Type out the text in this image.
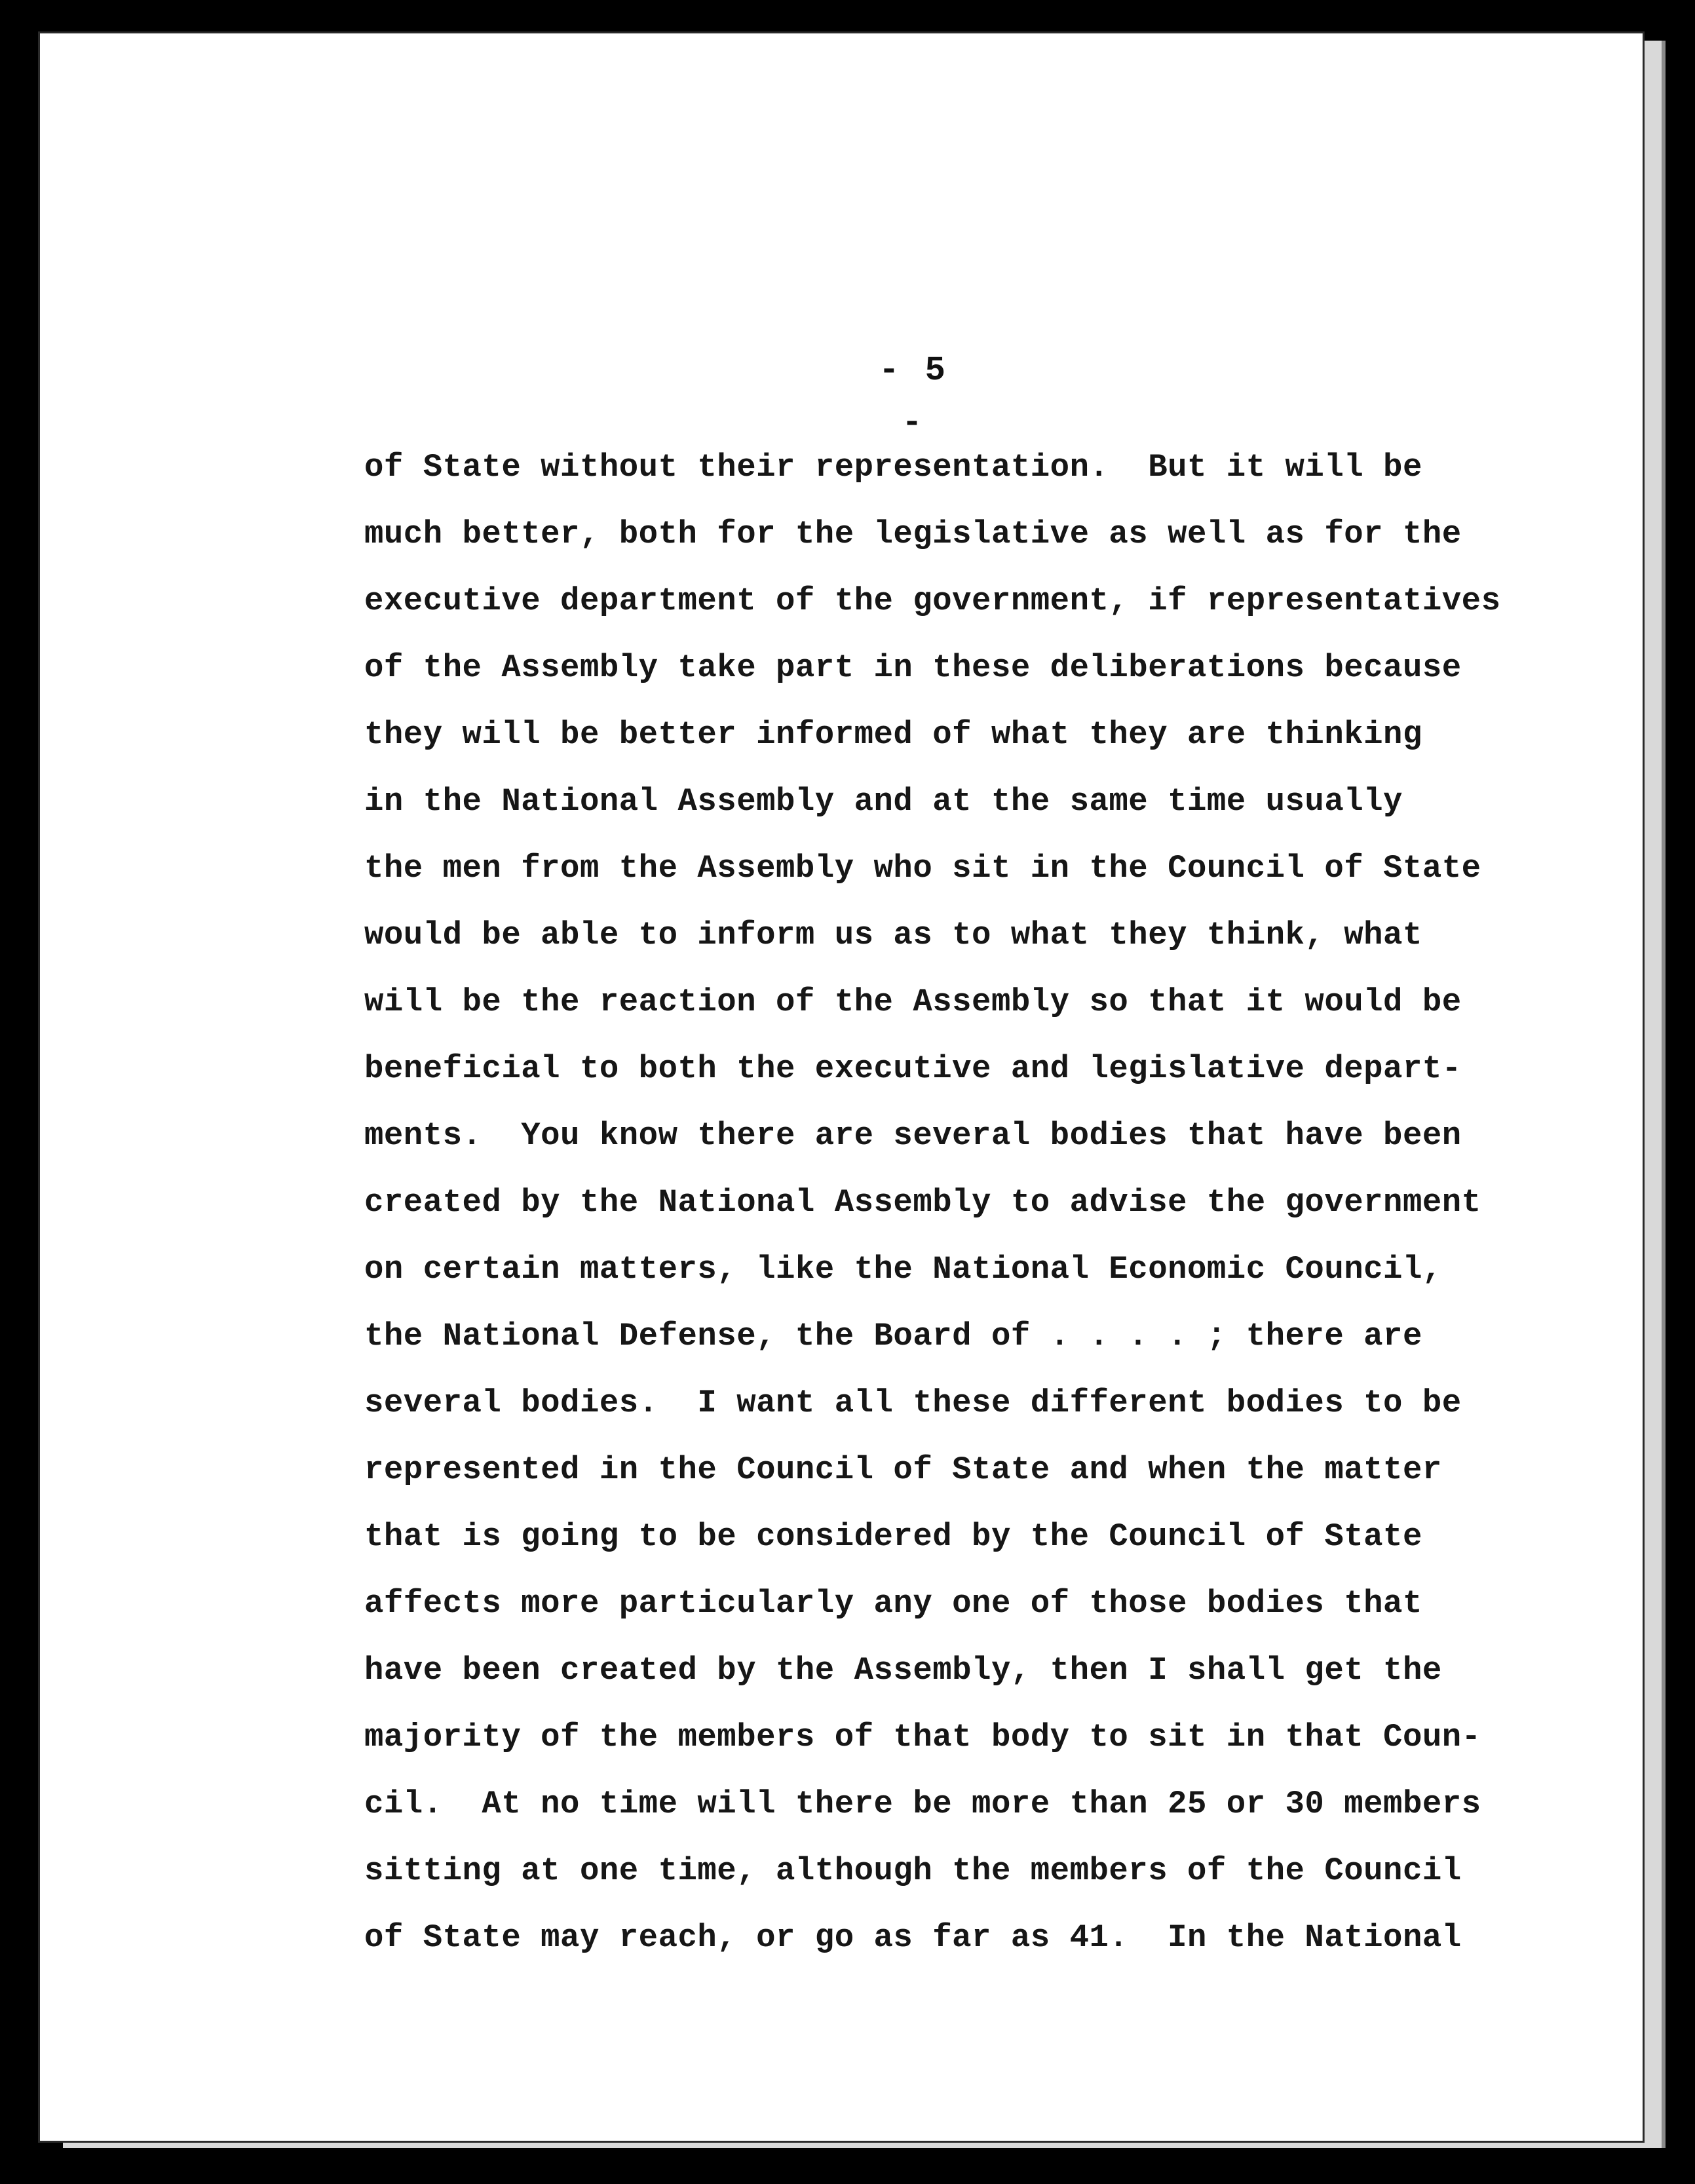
- 5 -
of State without their representation.  But it will be
much better, both for the legislative as well as for the
executive department of the government, if representatives
of the Assembly take part in these deliberations because
they will be better informed of what they are thinking
in the National Assembly and at the same time usually
the men from the Assembly who sit in the Council of State
would be able to inform us as to what they think, what
will be the reaction of the Assembly so that it would be
beneficial to both the executive and legislative depart-
ments.  You know there are several bodies that have been
created by the National Assembly to advise the government
on certain matters, like the National Economic Council,
the National Defense, the Board of . . . . ; there are
several bodies.  I want all these different bodies to be
represented in the Council of State and when the matter
that is going to be considered by the Council of State
affects more particularly any one of those bodies that
have been created by the Assembly, then I shall get the
majority of the members of that body to sit in that Coun-
cil.  At no time will there be more than 25 or 30 members
sitting at one time, although the members of the Council
of State may reach, or go as far as 41.  In the National
